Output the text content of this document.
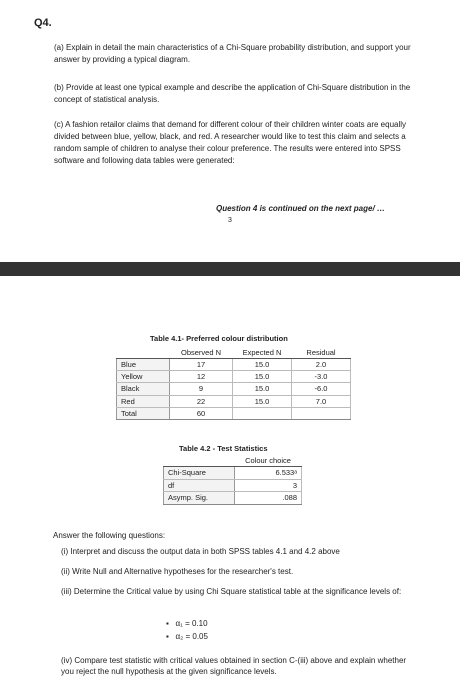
Q4.
(a) Explain in detail the main characteristics of a Chi-Square probability distribution, and support your answer by providing a typical diagram.
(b) Provide at least one typical example and describe the application of Chi-Square distribution in the concept of statistical analysis.
(c) A fashion retailor claims that demand for different colour of their children winter coats are equally divided between blue, yellow, black, and red. A researcher would like to test this claim and selects a random sample of children to analyse their colour preference. The results were entered into SPSS software and following data tables were generated:
Question 4 is continued on the next page/ …
3
Table 4.1- Preferred colour distribution
	Observed N	Expected N	Residual
Blue	17	15.0	2.0
Yellow	12	15.0	-3.0
Black	9	15.0	-6.0
Red	22	15.0	7.0
Total	60		
Table 4.2 - Test Statistics
	Colour choice
Chi-Square	6.533ᵃ
df	3
Asymp. Sig.	.088
Answer the following questions:
(i) Interpret and discuss the output data in both SPSS tables 4.1 and 4.2 above
(ii) Write Null and Alternative hypotheses for the researcher's test.
(iii) Determine the Critical value by using Chi Square statistical table at the significance levels of:
▪   α₁ = 0.10
▪   α₂ = 0.05
(iv) Compare test statistic with critical values obtained in section C-(iii) above and explain whether you reject the null hypothesis at the given significance levels.
